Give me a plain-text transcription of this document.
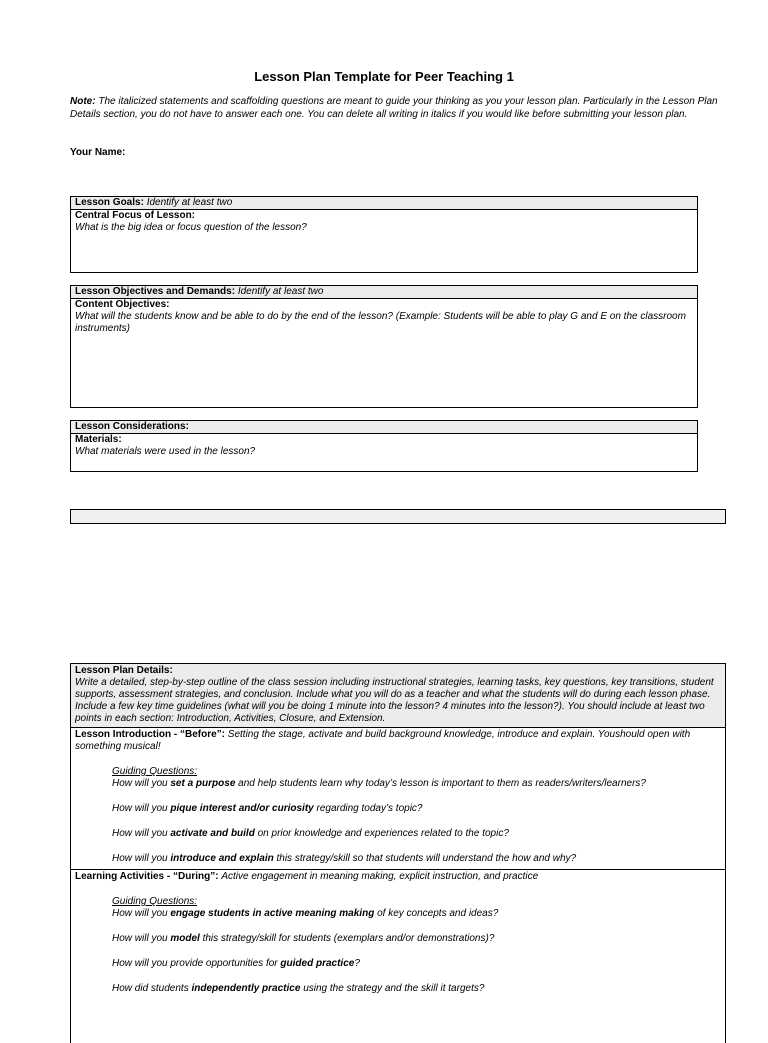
Lesson Plan Template for Peer Teaching 1
Note: The italicized statements and scaffolding questions are meant to guide your thinking as you your lesson plan. Particularly in the Lesson Plan Details section, you do not have to answer each one. You can delete all writing in italics if you would like before submitting your lesson plan.
Your Name:
Lesson Goals: Identify at least two
Central Focus of Lesson:
What is the big idea or focus question of the lesson?
Lesson Objectives and Demands: Identify at least two
Content Objectives:
What will the students know and be able to do by the end of the lesson? (Example: Students will be able to play G and E on the classroom instruments)
Lesson Considerations:
Materials:
What materials were used in the lesson?
Lesson Plan Details:
Write a detailed, step-by-step outline of the class session including instructional strategies, learning tasks, key questions, key transitions, student supports, assessment strategies, and conclusion. Include what you will do as a teacher and what the students will do during each lesson phase. Include a few key time guidelines (what will you be doing 1 minute into the lesson? 4 minutes into the lesson?). You should include at least two points in each section: Introduction, Activities, Closure, and Extension.
Lesson Introduction - “Before”: Setting the stage, activate and build background knowledge, introduce and explain. Youshould open with something musical!
Guiding Questions:
How will you set a purpose and help students learn why today’s lesson is important to them as readers/writers/learners?
How will you pique interest and/or curiosity regarding today’s topic?
How will you activate and build on prior knowledge and experiences related to the topic?
How will you introduce and explain this strategy/skill so that students will understand the how and why?
Learning Activities - “During”: Active engagement in meaning making, explicit instruction, and practice
Guiding Questions:
How will you engage students in active meaning making of key concepts and ideas?
How will you model this strategy/skill for students (exemplars and/or demonstrations)?
How will you provide opportunities for guided practice?
How did students independently practice using the strategy and the skill it targets?
